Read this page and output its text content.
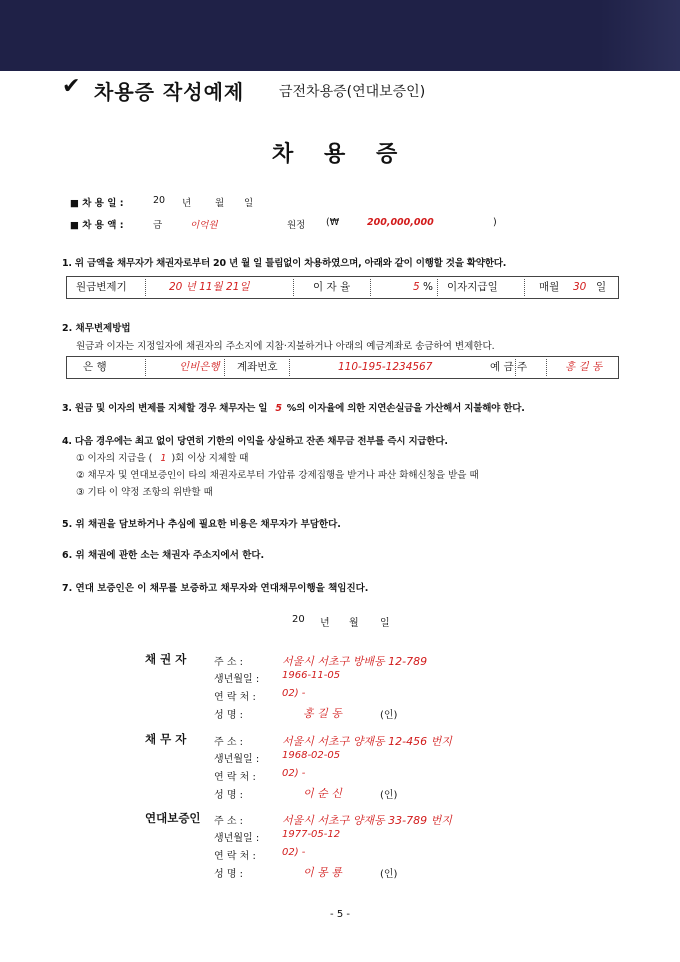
✔ 차용증 작성예제 금전차용증(연대보증인)
차 용 증
■ 차 용 일 :	20 년	월 일
■ 차 용 액 :	금	이억원	원정 (₩	200,000,000	)
1. 위 금액을 채무자가 채권자로부터 20 년 월 일 틀림없이 차용하였으며, 아래와 같이 이행할 것을 확약한다.
원금변제기	20 년 11월 21일	이 자 율	5 % 이자지급일	매월 30 일
2. 채무변제방법
원금과 이자는 지정일자에 채권자의 주소지에 지참·지불하거나 아래의 예금계좌로 송금하여 변제한다.
은 행	인비은행 계좌번호	110-195-1234567	예 금 주	홍 길 동
3. 원금 및 이자의 변제를 지체할 경우 채무자는 일 5 %의 이자율에 의한 지연손실금을 가산해서 지불해야 한다.
4. 다음 경우에는 최고 없이 당연히 기한의 이익을 상실하고 잔존 채무금 전부를 즉시 지급한다.
① 이자의 지급을 ( 1 )회 이상 지체할 때
② 채무자 및 연대보증인이 타의 채권자로부터 가압류 강제집행을 받거나 파산 화해신청을 받을 때
③ 기타 이 약정 조항의 위반할 때
5. 위 채권을 담보하거나 추심에 필요한 비용은 채무자가 부담한다.
6. 위 채권에 관한 소는 채권자 주소지에서 한다.
7. 연대 보증인은 이 채무를 보증하고 채무자와 연대채무이행을 책임진다.
20 년 월 일
채 권 자	주 소 :	서울시 서초구 방배동 12-789
생년월일 : 1966-11-05
연 락 처 :	02) -
성 명 :	홍 길 동	(인)
채 무 자	주 소 :	서울시 서초구 양재동 12-456 번지
생년월일 : 1968-02-05
연 락 처 :	02) -
성 명 :	이 순 신	(인)
연대보증인 주 소 :	서울시 서초구 양재동 33-789 번지
생년월일 : 1977-05-12
연 락 처 :	02) -
성 명 :	이 몽 룡	(인)
- 5 -
